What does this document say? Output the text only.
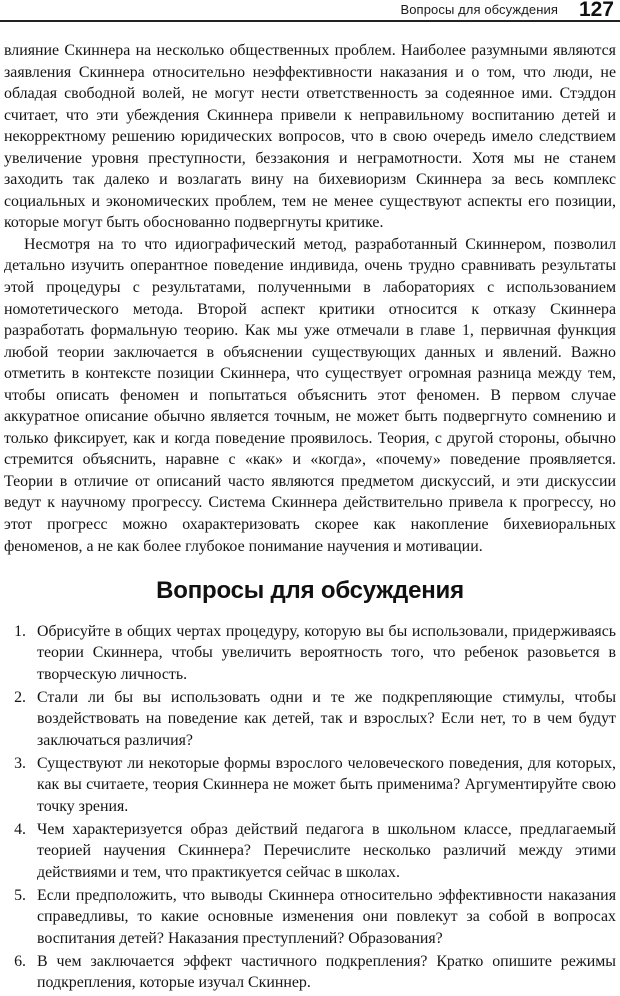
Вопросы для обсуждения 127

влияние Скиннера на несколько общественных проблем. Наиболее разумными являются заявления Скиннера относительно неэффективности наказания и о том, что люди, не обладая свободной волей, не могут нести ответственность за содеянное ими. Стэддон считает, что эти убеждения Скиннера привели к неправильному воспитанию детей и некорректному решению юридических вопросов, что в свою очередь имело следствием увеличение уровня преступности, беззакония и неграмотности. Хотя мы не станем заходить так далеко и возлагать вину на бихевиоризм Скиннера за весь комплекс социальных и экономических проблем, тем не менее существуют аспекты его позиции, которые могут быть обоснованно подвергнуты критике.

Несмотря на то что идиографический метод, разработанный Скиннером, позволил детально изучить оперантное поведение индивида, очень трудно сравнивать результаты этой процедуры с результатами, полученными в лабораториях с использованием номотетического метода. Второй аспект критики относится к отказу Скиннера разработать формальную теорию. Как мы уже отмечали в главе 1, первичная функция любой теории заключается в объяснении существующих данных и явлений. Важно отметить в контексте позиции Скиннера, что существует огромная разница между тем, чтобы описать феномен и попытаться объяснить этот феномен. В первом случае аккуратное описание обычно является точным, не может быть подвергнуто сомнению и только фиксирует, как и когда поведение проявилось. Теория, с другой стороны, обычно стремится объяснить, наравне с «как» и «когда», «почему» поведение проявляется. Теории в отличие от описаний часто являются предметом дискуссий, и эти дискуссии ведут к научному прогрессу. Система Скиннера действительно привела к прогрессу, но этот прогресс можно охарактеризовать скорее как накопление бихевиоральных феноменов, а не как более глубокое понимание научения и мотивации.

Вопросы для обсуждения
1. Обрисуйте в общих чертах процедуру, которую вы бы использовали, придерживаясь теории Скиннера, чтобы увеличить вероятность того, что ребенок разовьется в творческую личность.
2. Стали ли бы вы использовать одни и те же подкрепляющие стимулы, чтобы воздействовать на поведение как детей, так и взрослых? Если нет, то в чем будут заключаться различия?
3. Существуют ли некоторые формы взрослого человеческого поведения, для которых, как вы считаете, теория Скиннера не может быть применима? Аргументируйте свою точку зрения.
4. Чем характеризуется образ действий педагога в школьном классе, предлагаемый теорией научения Скиннера? Перечислите несколько различий между этими действиями и тем, что практикуется сейчас в школах.
5. Если предположить, что выводы Скиннера относительно эффективности наказания справедливы, то какие основные изменения они повлекут за собой в вопросах воспитания детей? Наказания преступлений? Образования?
6. В чем заключается эффект частичного подкрепления? Кратко опишите режимы подкрепления, которые изучал Скиннер.
